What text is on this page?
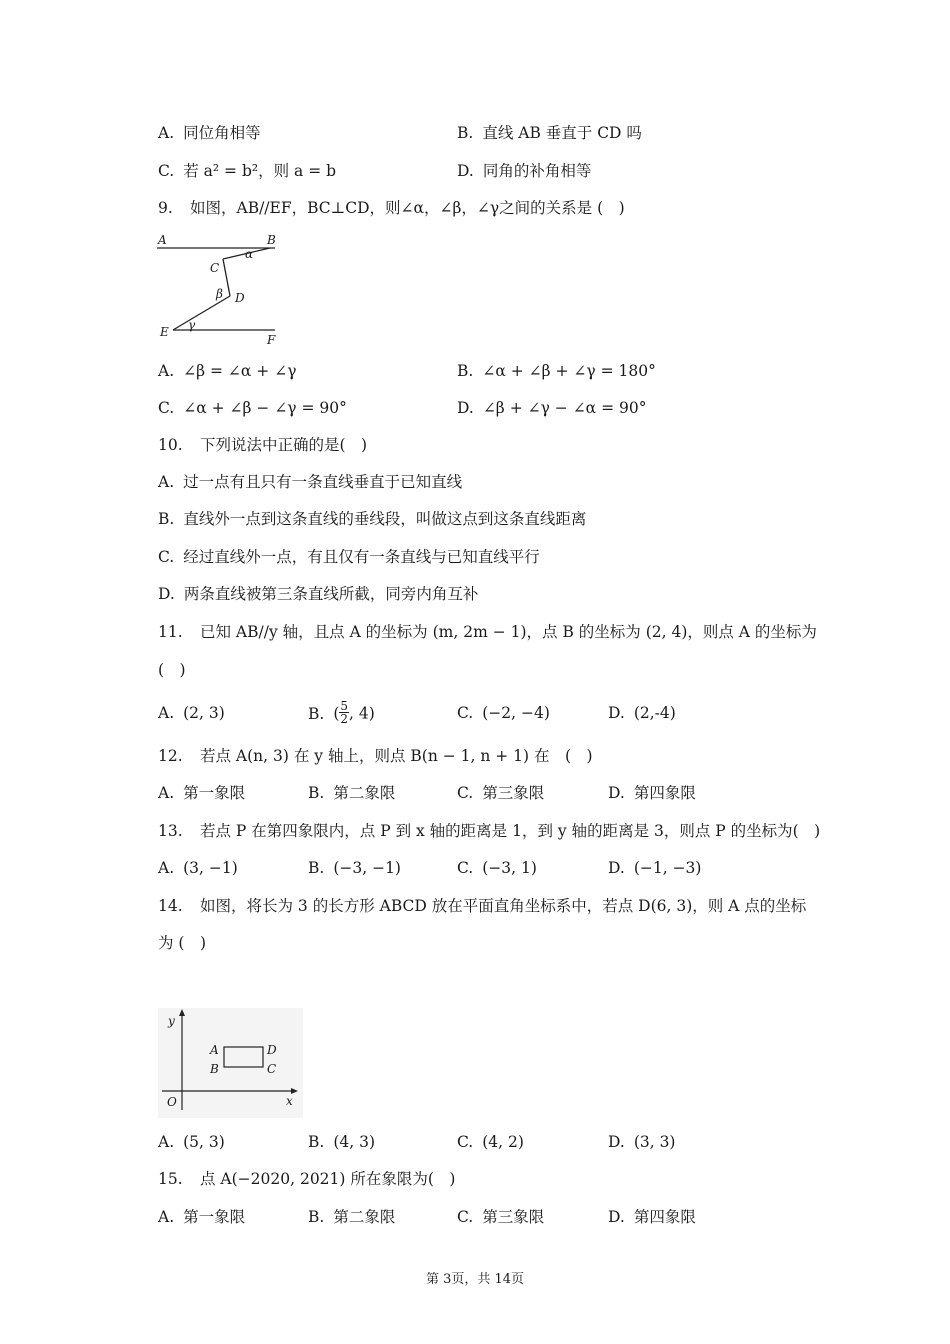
A. 同位角相等	B. 直线 AB 垂直于 CD 吗
C. 若 a² = b²，则 a = b	D. 同角的补角相等
9. 如图，AB//EF，BC⊥CD，则∠α，∠β，∠γ之间的关系是 (　)
A	B
C
D
E
F
α
β
γ
A. ∠β = ∠α + ∠γ	B. ∠α + ∠β + ∠γ = 180°
C. ∠α + ∠β − ∠γ = 90°	D. ∠β + ∠γ − ∠α = 90°
10. 下列说法中正确的是(　)
A. 过一点有且只有一条直线垂直于已知直线
B. 直线外一点到这条直线的垂线段，叫做这点到这条直线距离
C. 经过直线外一点，有且仅有一条直线与已知直线平行
D. 两条直线被第三条直线所截，同旁内角互补
11. 已知 AB//y 轴，且点 A 的坐标为 (m, 2m − 1)，点 B 的坐标为 (2, 4)，则点 A 的坐标为
(　)
A. (2, 3)	B. ( $\frac{5}{2}$ , 4)	C. (−2, −4)	D. (2,-4)
12. 若点 A(n, 3) 在 y 轴上，则点 B(n − 1, n + 1) 在　(　)
A. 第一象限	B. 第二象限	C. 第三象限	D. 第四象限
13. 若点 P 在第四象限内，点 P 到 x 轴的距离是 1，到 y 轴的距离是 3，则点 P 的坐标为(　)
A. (3, −1)	B. (−3, −1)	C. (−3, 1)	D. (−1, −3)
14. 如图，将长为 3 的长方形 ABCD 放在平面直角坐标系中，若点 D(6, 3)，则 A 点的坐标
为 (　)
y
x
O
A
B
D
C
A. (5, 3)	B. (4, 3)	C. (4, 2)	D. (3, 3)
15. 点 A(−2020, 2021) 所在象限为(　)
A. 第一象限	B. 第二象限	C. 第三象限	D. 第四象限
第 3页，共 14页
